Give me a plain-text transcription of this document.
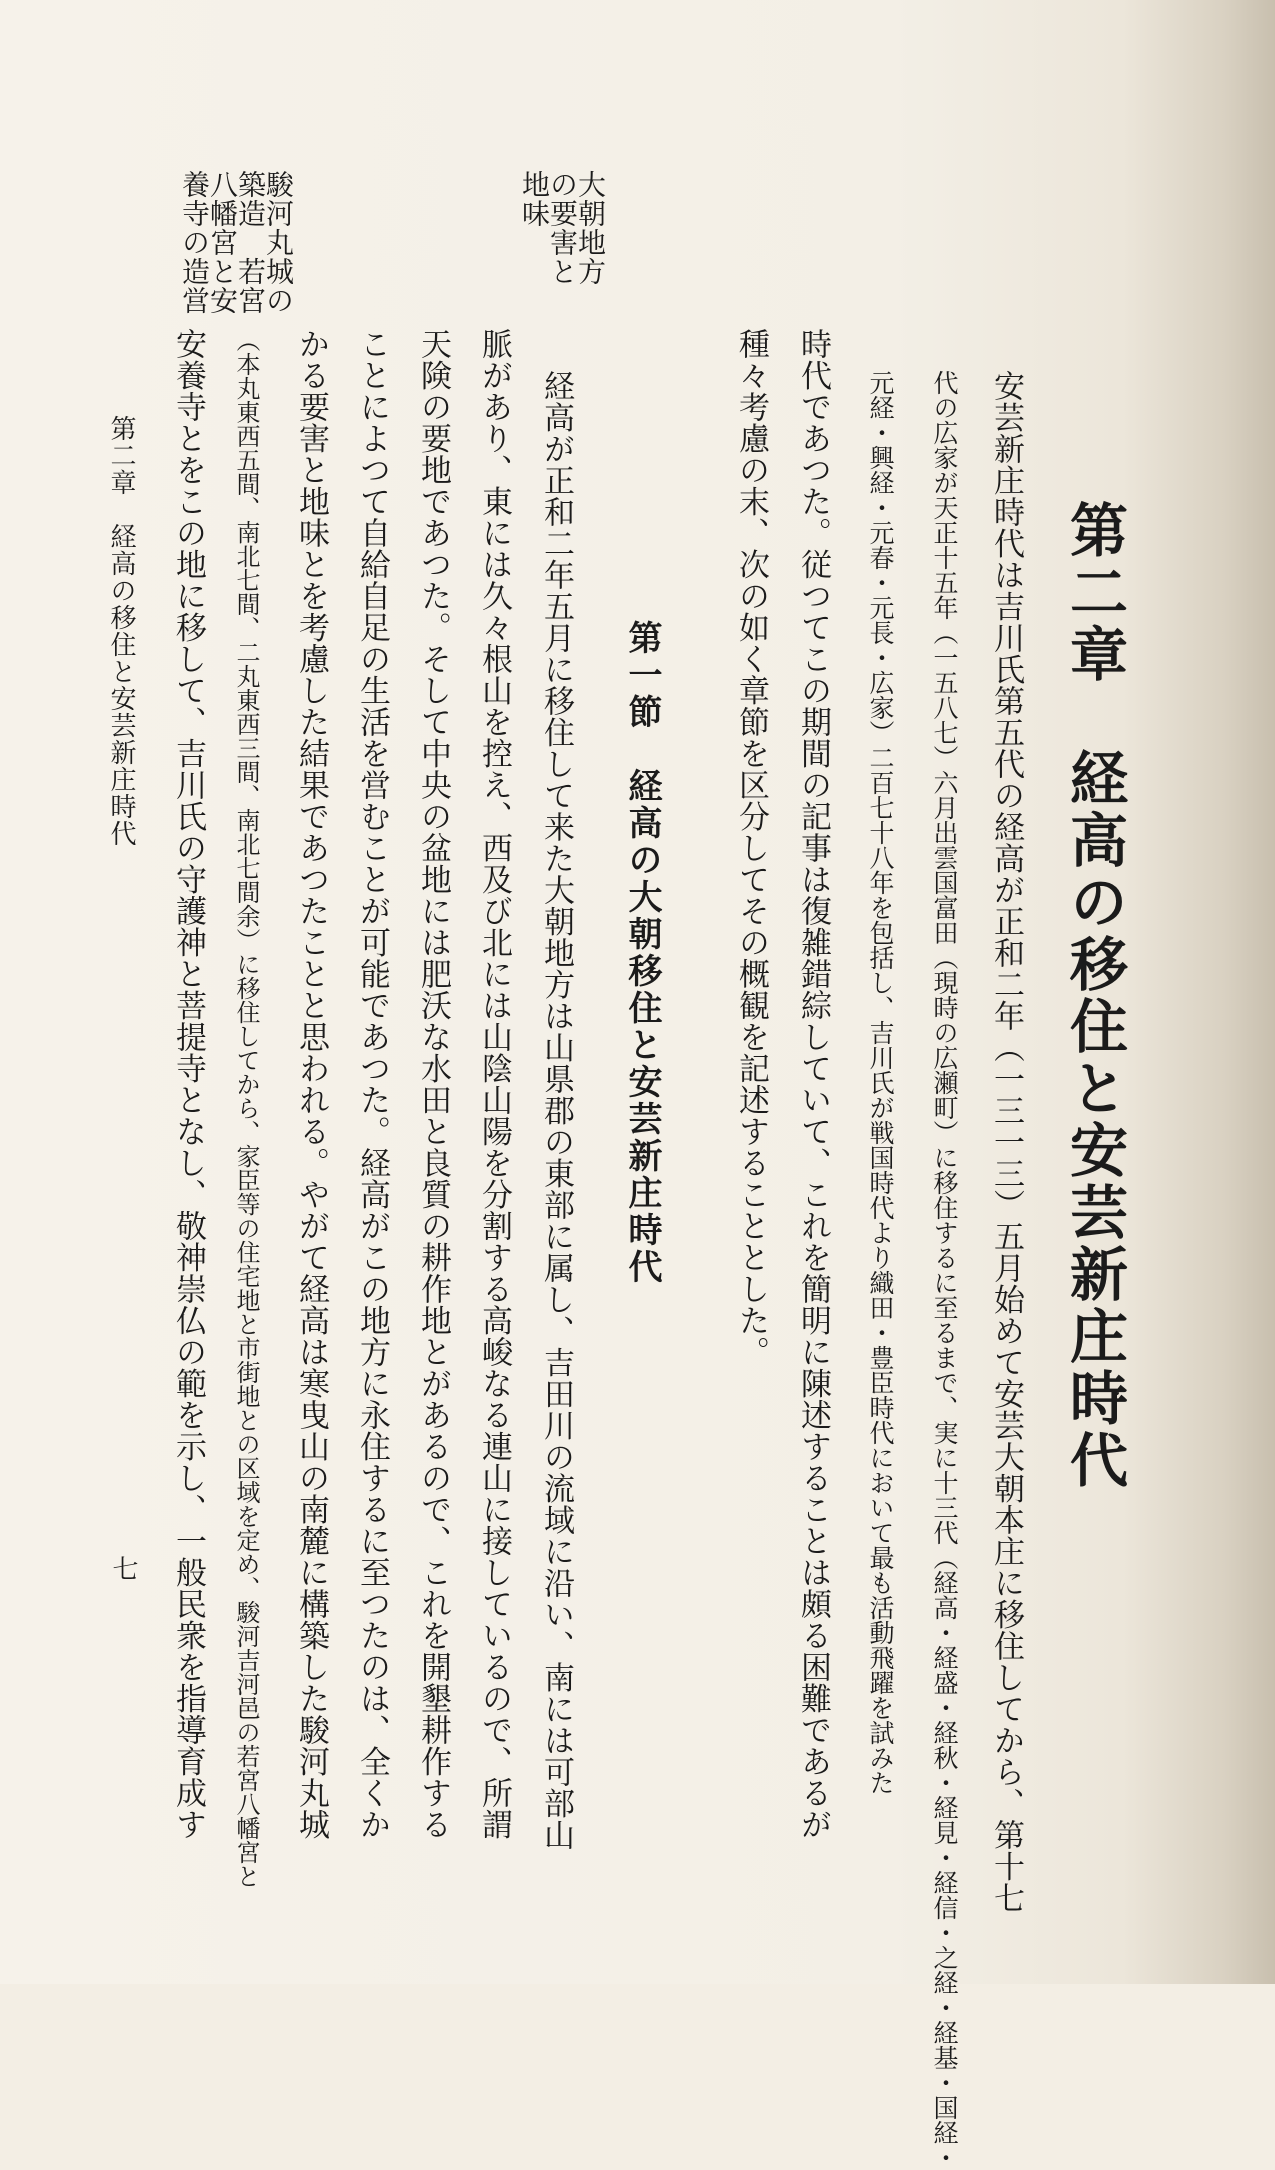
第二章　経高の移住と安芸新庄時代
安芸新庄時代は吉川氏第五代の経高が正和二年（一三一三）五月始めて安芸大朝本庄に移住してから、第十七
代の広家が天正十五年（一五八七）六月出雲国富田（現時の広瀬町）に移住するに至るまで、実に十三代（経高・経盛・経秋・経見・経信・之経・経基・国経・
元経・興経・元春・元長・広家）二百七十八年を包括し、吉川氏が戦国時代より織田・豊臣時代において最も活動飛躍を試みた
時代であつた。従つてこの期間の記事は復雑錯綜していて、これを簡明に陳述することは頗る困難であるが
種々考慮の末、次の如く章節を区分してその概観を記述することとした。
第一節　経高の大朝移住と安芸新庄時代
経高が正和二年五月に移住して来た大朝地方は山県郡の東部に属し、吉田川の流域に沿い、南には可部山
脈があり、東には久々根山を控え、西及び北には山陰山陽を分割する高峻なる連山に接しているので、所謂
天険の要地であつた。そして中央の盆地には肥沃な水田と良質の耕作地とがあるので、これを開墾耕作する
ことによつて自給自足の生活を営むことが可能であつた。経高がこの地方に永住するに至つたのは、全くか
かる要害と地味とを考慮した結果であつたことと思われる。やがて経高は寒曳山の南麓に構築した駿河丸城
（本丸東西五間、南北七間、二丸東西三間、南北七間余）に移住してから、家臣等の住宅地と市街地との区域を定め、駿河吉河邑の若宮八幡宮と
安養寺とをこの地に移して、吉川氏の守護神と菩提寺となし、敬神崇仏の範を示し、一般民衆を指導育成す
大朝地方の要害と地味
駿河丸城の築造　若宮八幡宮と安養寺の造営
第二章　経高の移住と安芸新庄時代
七
